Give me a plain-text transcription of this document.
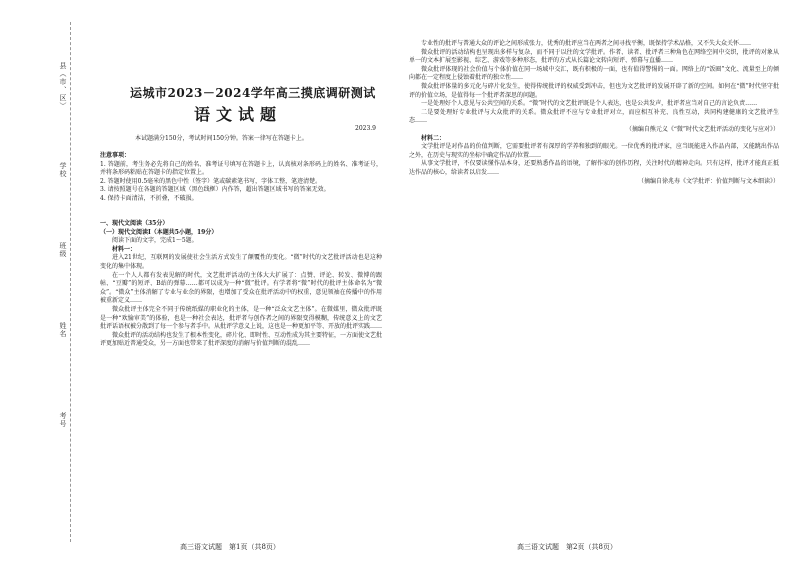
县（市、区）
学校
班级
姓名
考号
运城市2023－2024学年高三摸底调研测试
语文试题
2023.9
本试题满分150分，考试时间150分钟。答案一律写在答题卡上。

注意事项：

1. 答题前，考生务必先将自己的姓名、准考证号填写在答题卡上，认真核对条形码上的姓名、准考证号，并将条形码粘贴在答题卡的指定位置上。

2. 答题时使用0.5毫米的黑色中性（签字）笔或碳素笔书写，字体工整，笔迹清楚。

3. 请按照题号在各题的答题区域（黑色线框）内作答，超出答题区域书写的答案无效。

4. 保持卡面清洁，不折叠，不破损。

一、现代文阅读（35分）

（一）现代文阅读Ⅰ（本题共5小题，19分）

阅读下面的文字，完成1～5题。

材料一：

进入21世纪，互联网的发展使社会生活方式发生了颠覆性的变化。“微”时代的文艺批评活动也是这种变化的集中体现。

在一个人人都有发表见解的时代，文艺批评活动的主体大大扩展了：点赞、评论、转发、微博的跟帖、“豆瓣”的短评、B站的弹幕……都可以成为一种“微”批评。有学者将“微”时代的批评主体命名为“微众”。“微众”主体消解了专业与业余的界限，也增加了受众在批评活动中的权重，意见领袖在传播中的作用被重新定义……

微众批评主体完全不同于传统纸媒的职业化的主体，是一种“泛众文艺主体”。在微媒里，微众批评既是一种“欢愉审美”的体验，也是一种社会表达，批评者与创作者之间的界限变得模糊，传统意义上的文艺批评话语权被分散到了每一个参与者手中。从批评学意义上说，这也是一种更加平等、开放的批评实践……

微众批评的活动结构也发生了根本性变化，碎片化、即时性、互动性成为其主要特征，一方面使文艺批评更加贴近普通受众，另一方面也带来了批评深度的消解与价值判断的混乱……

高三语文试题　第1页（共8页）

专业性的批评与普通大众的评论之间形成张力，优秀的批评应当在两者之间寻找平衡，既保持学术品格，又不失大众关怀……

微众批评的活动结构也呈现出多样与复杂，而不同于以往的文学批评。作者、读者、批评者三种角色在网络空间中交织，批评的对象从单一的文本扩展至影视、综艺、游戏等多种形态，批评的方式从长篇论文转向短评、弹幕与直播……

微众批评体现的社会价值与个体价值在同一场域中交汇，既有积极的一面，也有值得警惕的一面。网络上的“饭圈”文化、流量至上的倾向都在一定程度上侵蚀着批评的独立性……

微众批评体量的多元化与碎片化发生，使得传统批评的权威受到冲击，但也为文艺批评的发展开辟了新的空间。如何在“微”时代坚守批评的价值立场，是值得每一个批评者深思的问题。

一是处理好个人意见与公共空间的关系。“微”时代的文艺批评既是个人表达，也是公共发声，批评者应当对自己的言论负责……

二是要处理好专业批评与大众批评的关系。微众批评不应与专业批评对立，而应相互补充、良性互动，共同构建健康的文艺批评生态……

（摘编自熊元义《“微”时代文艺批评活动的变化与应对》）

材料二：

文学批评是对作品的价值判断，它需要批评者有深厚的学养和独到的眼光。一位优秀的批评家，应当既能进入作品内部，又能跳出作品之外，在历史与现实的坐标中确定作品的位置……

从事文学批评，不仅要读懂作品本身，还要熟悉作品的语境，了解作家的创作历程，关注时代的精神走向。只有这样，批评才能真正抵达作品的核心，给读者以启发……

（摘编自徐兆寿《文学批评：价值判断与文本细读》）

高三语文试题　第2页（共8页）
